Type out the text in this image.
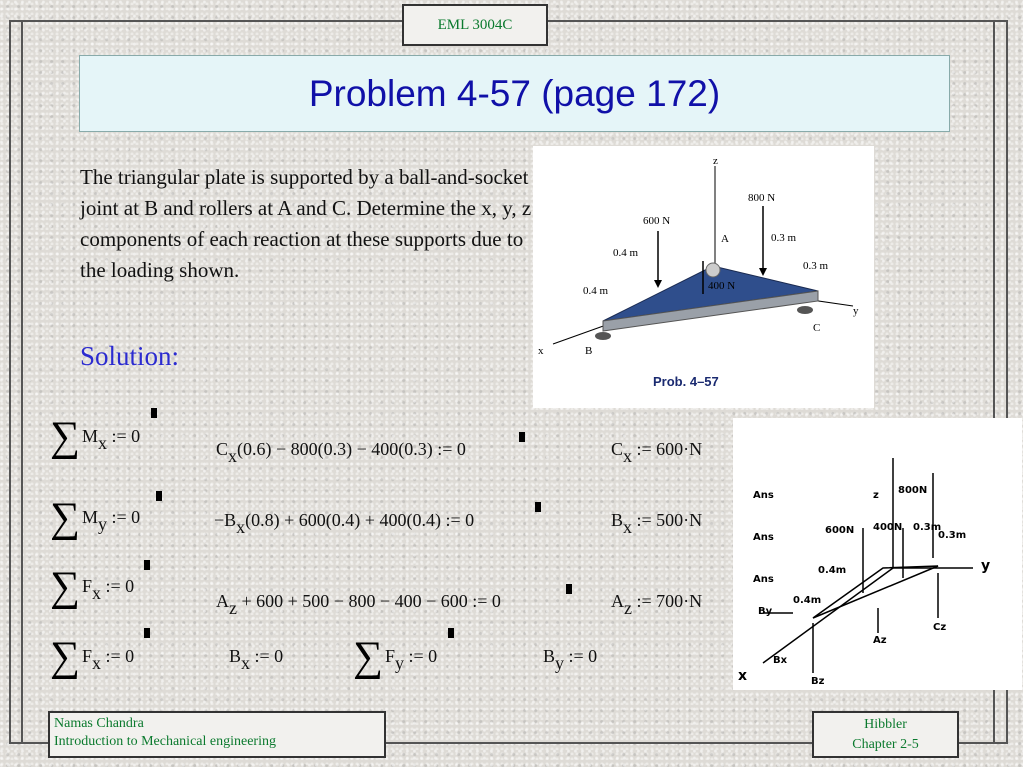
EML 3004C
Problem 4-57 (page 172)
The triangular plate is supported by a ball-and-socket joint at B and rollers at A and C. Determine the x, y, z components of each reaction at these supports due to the loading shown.
Solution:
z
y
x
A
B
C
600 N
800 N
400 N
0.4 m
0.4 m
0.3 m
0.3 m
Prob. 4–57
Ans
Ans
Ans
z 800N
600N 400N
0.4m
0.4m
0.3m
0.3m
y
By
Bx
Bz
Az
Cz
x
∑ $M_x$ := 0
∑ $M_y$ := 0
∑ $F_x$ := 0
∑ $F_x$ := 0
$C_x(0.6) - 800(0.3) - 400(0.3)$ := 0
$-B_x(0.8) + 600(0.4) + 400(0.4)$ := 0
$A_z + 600 + 500 - 800 - 400 - 600$ := 0
$B_x$ := 0 ∑ $F_y$ := 0	$B_y$ := 0
$C_x$ := 600·N
$B_x$ := 500·N
$A_z$ := 700·N
Namas Chandra
Introduction to Mechanical engineering
Hibbler
Chapter 2-5
